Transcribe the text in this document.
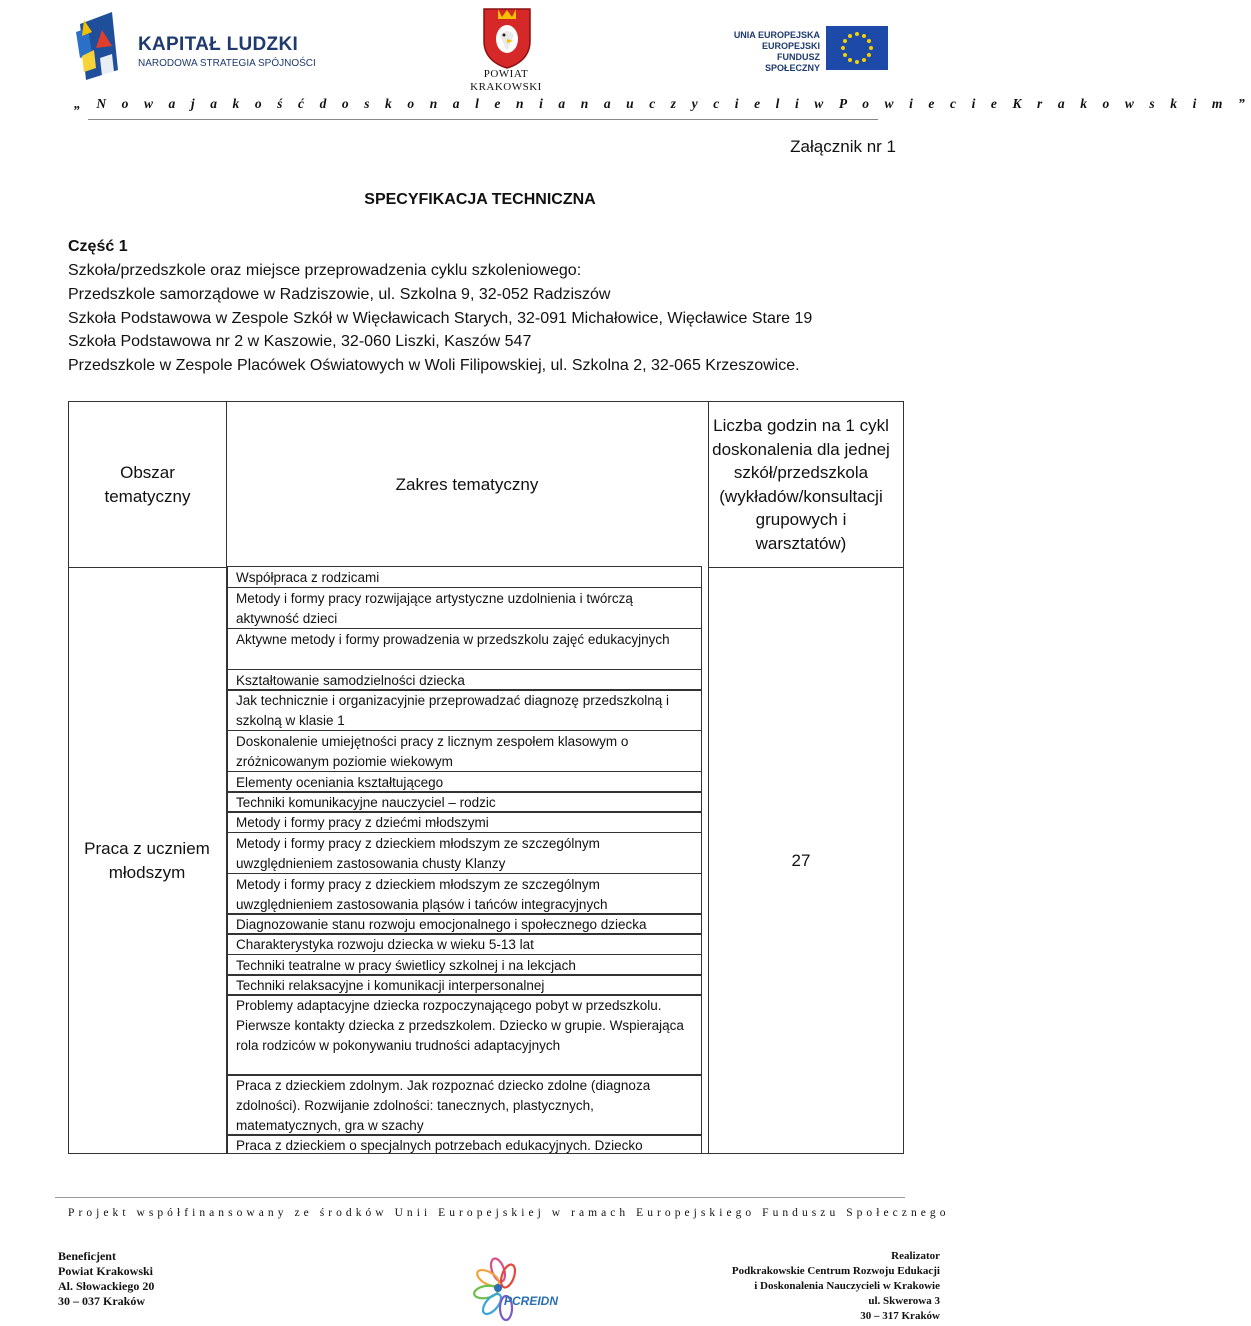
KAPITAŁ LUDZKI
NARODOWA STRATEGIA SPÓJNOŚCI
POWIAT
KRAKOWSKI
UNIA EUROPEJSKA
EUROPEJSKI
FUNDUSZ SPOŁECZNY
„ N o w a j a k o ś ć d o s k o n a l e n i a n a u c z y c i e l i w P o w i e c i e K r a k o w s k i m ”
Załącznik nr 1
SPECYFIKACJA TECHNICZNA
Część 1
Szkoła/przedszkole oraz miejsce przeprowadzenia cyklu szkoleniowego:
Przedszkole samorządowe w Radziszowie, ul. Szkolna 9, 32-052 Radziszów
Szkoła Podstawowa w Zespole Szkół w Więcławicach Starych, 32-091 Michałowice, Więcławice Stare 19
Szkoła Podstawowa nr 2 w Kaszowie, 32-060 Liszki, Kaszów 547
Przedszkole w Zespole Placówek Oświatowych w Woli Filipowskiej, ul. Szkolna 2, 32-065 Krzeszowice.
Obszar tematyczny
Zakres tematyczny
Liczba godzin na 1 cykl doskonalenia dla jednej szkół/przedszkola (wykładów/konsultacji grupowych i warsztatów)
Praca z uczniem młodszym
27
Współpraca z rodzicami
Metody i formy pracy rozwijające artystyczne uzdolnienia i twórczą aktywność dzieci
Aktywne metody i formy prowadzenia w przedszkolu zajęć edukacyjnych
Kształtowanie samodzielności dziecka
Jak technicznie i organizacyjnie przeprowadzać diagnozę przedszkolną i szkolną w klasie 1
Doskonalenie umiejętności pracy z licznym zespołem klasowym o zróżnicowanym poziomie wiekowym
Elementy oceniania kształtującego
Techniki komunikacyjne nauczyciel – rodzic
Metody i formy pracy z dziećmi młodszymi
Metody i formy pracy z dzieckiem młodszym ze szczególnym uwzględnieniem zastosowania chusty Klanzy
Metody i formy pracy z dzieckiem młodszym ze szczególnym uwzględnieniem zastosowania pląsów i tańców integracyjnych
Diagnozowanie stanu rozwoju emocjonalnego i społecznego dziecka
Charakterystyka rozwoju dziecka w wieku 5-13 lat
Techniki teatralne w pracy świetlicy szkolnej i na lekcjach
Techniki relaksacyjne i komunikacji interpersonalnej
Problemy adaptacyjne dziecka rozpoczynającego pobyt w przedszkolu. Pierwsze kontakty dziecka z przedszkolem. Dziecko w grupie. Wspierająca rola rodziców w pokonywaniu trudności adaptacyjnych
Praca z dzieckiem zdolnym. Jak rozpoznać dziecko zdolne (diagnoza zdolności). Rozwijanie zdolności: tanecznych, plastycznych, matematycznych, gra w szachy
Praca z dzieckiem o specjalnych potrzebach edukacyjnych. Dziecko
Projekt współfinansowany ze środków Unii Europejskiej w ramach Europejskiego Funduszu Społecznego
Beneficjent
Powiat Krakowski
Al. Słowackiego 20
30 – 037 Kraków	PCREIDN
Realizator
Podkrakowskie Centrum Rozwoju Edukacji
i Doskonalenia Nauczycieli w Krakowie
ul. Skwerowa 3
30 – 317 Kraków
